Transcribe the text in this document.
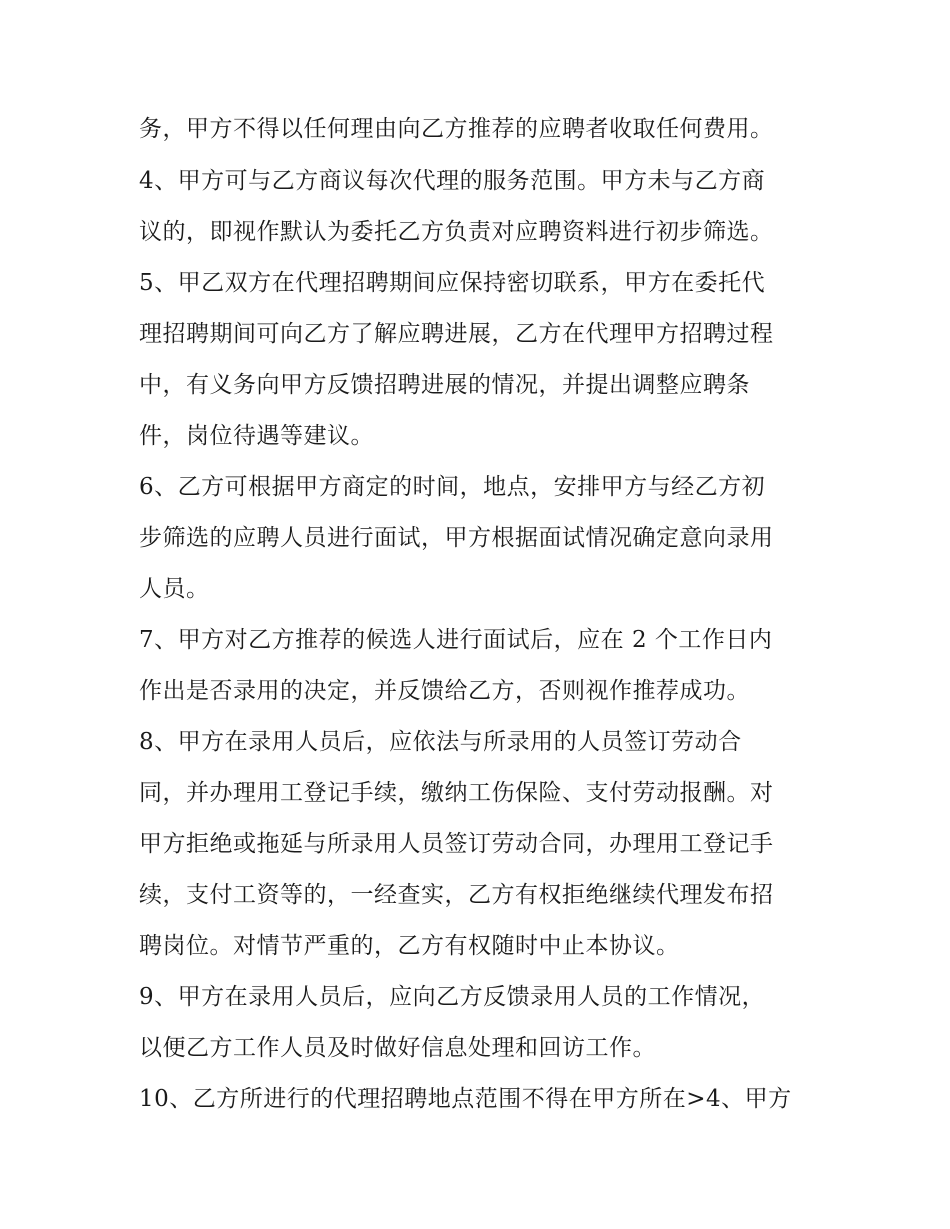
务，甲方不得以任何理由向乙方推荐的应聘者收取任何费用。
4、甲方可与乙方商议每次代理的服务范围。甲方未与乙方商
议的，即视作默认为委托乙方负责对应聘资料进行初步筛选。
5、甲乙双方在代理招聘期间应保持密切联系，甲方在委托代
理招聘期间可向乙方了解应聘进展，乙方在代理甲方招聘过程
中，有义务向甲方反馈招聘进展的情况，并提出调整应聘条
件，岗位待遇等建议。
6、乙方可根据甲方商定的时间，地点，安排甲方与经乙方初
步筛选的应聘人员进行面试，甲方根据面试情况确定意向录用
人员。
7、甲方对乙方推荐的候选人进行面试后，应在 2 个工作日内
作出是否录用的决定，并反馈给乙方，否则视作推荐成功。
8、甲方在录用人员后，应依法与所录用的人员签订劳动合
同，并办理用工登记手续，缴纳工伤保险、支付劳动报酬。对
甲方拒绝或拖延与所录用人员签订劳动合同，办理用工登记手
续，支付工资等的，一经查实，乙方有权拒绝继续代理发布招
聘岗位。对情节严重的，乙方有权随时中止本协议。
9、甲方在录用人员后，应向乙方反馈录用人员的工作情况，
以便乙方工作人员及时做好信息处理和回访工作。
10、乙方所进行的代理招聘地点范围不得在甲方所在>4、甲方
